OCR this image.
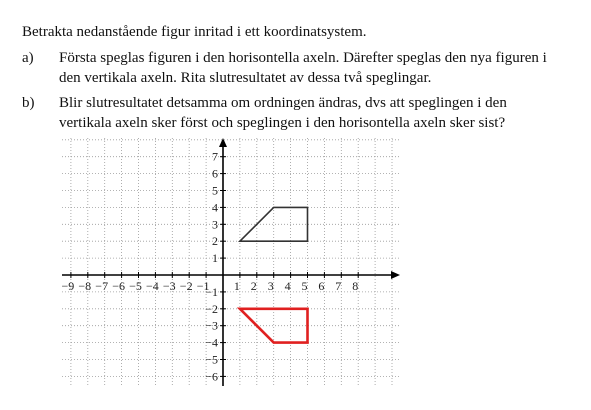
Betrakta nedanstående figur inritad i ett koordinatsystem.

a) Första speglas figuren i den horisontella axeln. Därefter speglas den nya figuren i
den vertikala axeln. Rita slutresultatet av dessa två speglingar.
b) Blir slutresultatet detsamma om ordningen ändras, dvs att speglingen i den
vertikala axeln sker först och speglingen i den horisontella axeln sker sist?
−9 −8 −7 −6 −5 −4 −3 −2 −1 1 2 3 4 5 6 7 8
7
6
5
4
3
2
1
−1
−2
−3
−4
−5
−6
